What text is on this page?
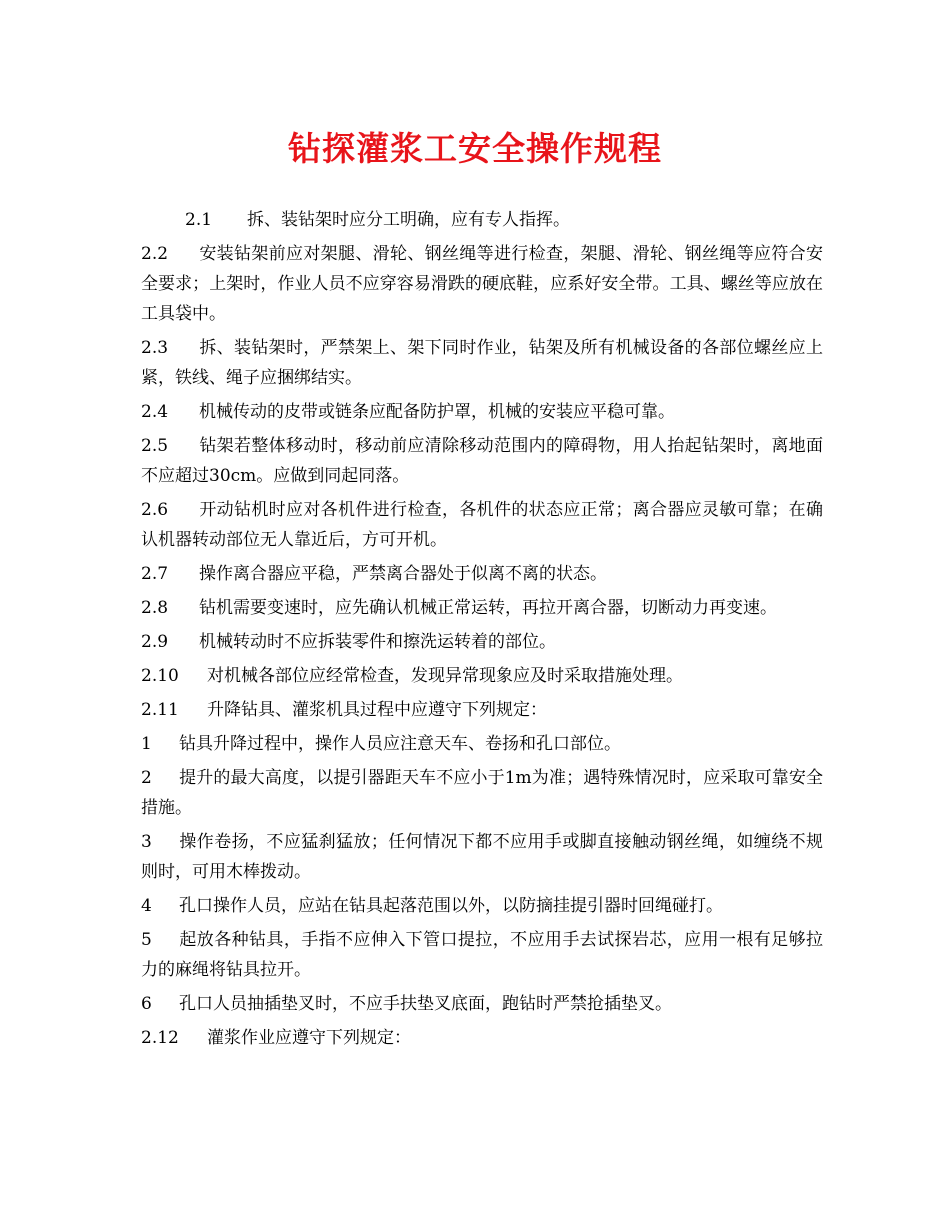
钻探灌浆工安全操作规程

2.1 拆、装钻架时应分工明确，应有专人指挥。

2.2 安装钻架前应对架腿、滑轮、钢丝绳等进行检查，架腿、滑轮、钢丝绳等应符合安全要求；上架时，作业人员不应穿容易滑跌的硬底鞋，应系好安全带。工具、螺丝等应放在工具袋中。

2.3 拆、装钻架时，严禁架上、架下同时作业，钻架及所有机械设备的各部位螺丝应上紧，铁线、绳子应捆绑结实。

2.4 机械传动的皮带或链条应配备防护罩，机械的安装应平稳可靠。

2.5 钻架若整体移动时，移动前应清除移动范围内的障碍物，用人抬起钻架时，离地面不应超过30cm。应做到同起同落。

2.6 开动钻机时应对各机件进行检查，各机件的状态应正常；离合器应灵敏可靠；在确认机器转动部位无人靠近后，方可开机。

2.7 操作离合器应平稳，严禁离合器处于似离不离的状态。

2.8 钻机需要变速时，应先确认机械正常运转，再拉开离合器，切断动力再变速。

2.9 机械转动时不应拆装零件和擦洗运转着的部位。

2.10 对机械各部位应经常检查，发现异常现象应及时采取措施处理。

2.11 升降钻具、灌浆机具过程中应遵守下列规定：

1 钻具升降过程中，操作人员应注意天车、卷扬和孔口部位。

2 提升的最大高度，以提引器距天车不应小于1m为准；遇特殊情况时，应采取可靠安全措施。

3 操作卷扬，不应猛刹猛放；任何情况下都不应用手或脚直接触动钢丝绳，如缠绕不规则时，可用木棒拨动。

4 孔口操作人员，应站在钻具起落范围以外，以防摘挂提引器时回绳碰打。

5 起放各种钻具，手指不应伸入下管口提拉，不应用手去试探岩芯，应用一根有足够拉力的麻绳将钻具拉开。

6 孔口人员抽插垫叉时，不应手扶垫叉底面，跑钻时严禁抢插垫叉。

2.12 灌浆作业应遵守下列规定：
